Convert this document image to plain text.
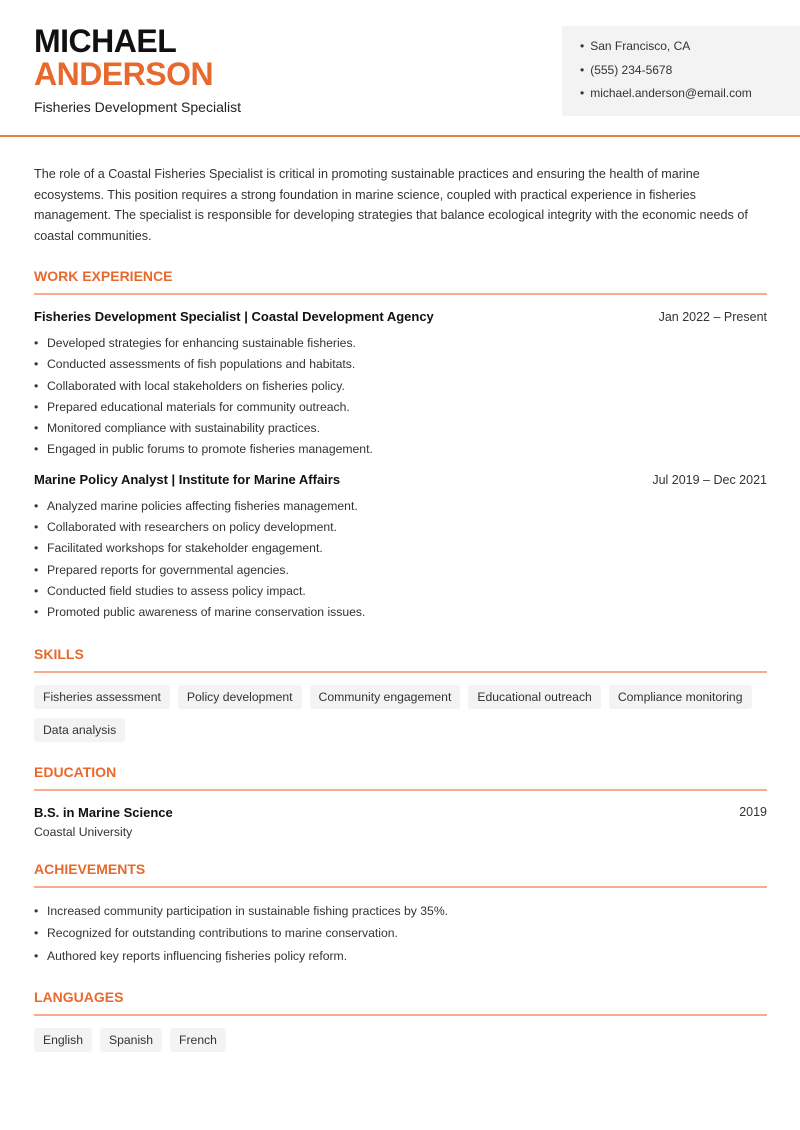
MICHAEL
ANDERSON
Fisheries Development Specialist
• San Francisco, CA
• (555) 234-5678
• michael.anderson@email.com

The role of a Coastal Fisheries Specialist is critical in promoting sustainable practices and ensuring the health of marine ecosystems. This position requires a strong foundation in marine science, coupled with practical experience in fisheries management. The specialist is responsible for developing strategies that balance ecological integrity with the economic needs of coastal communities.

WORK EXPERIENCE
Fisheries Development Specialist | Coastal Development Agency	Jan 2022 – Present
• Developed strategies for enhancing sustainable fisheries.
• Conducted assessments of fish populations and habitats.
• Collaborated with local stakeholders on fisheries policy.
• Prepared educational materials for community outreach.
• Monitored compliance with sustainability practices.
• Engaged in public forums to promote fisheries management.
Marine Policy Analyst | Institute for Marine Affairs	Jul 2019 – Dec 2021
• Analyzed marine policies affecting fisheries management.
• Collaborated with researchers on policy development.
• Facilitated workshops for stakeholder engagement.
• Prepared reports for governmental agencies.
• Conducted field studies to assess policy impact.
• Promoted public awareness of marine conservation issues.
SKILLS
Fisheries assessment	Policy development	Community engagement	Educational outreach	Compliance monitoring
Data analysis
EDUCATION
B.S. in Marine Science	2019
Coastal University
ACHIEVEMENTS
• Increased community participation in sustainable fishing practices by 35%.
• Recognized for outstanding contributions to marine conservation.
• Authored key reports influencing fisheries policy reform.
LANGUAGES
English	Spanish	French
